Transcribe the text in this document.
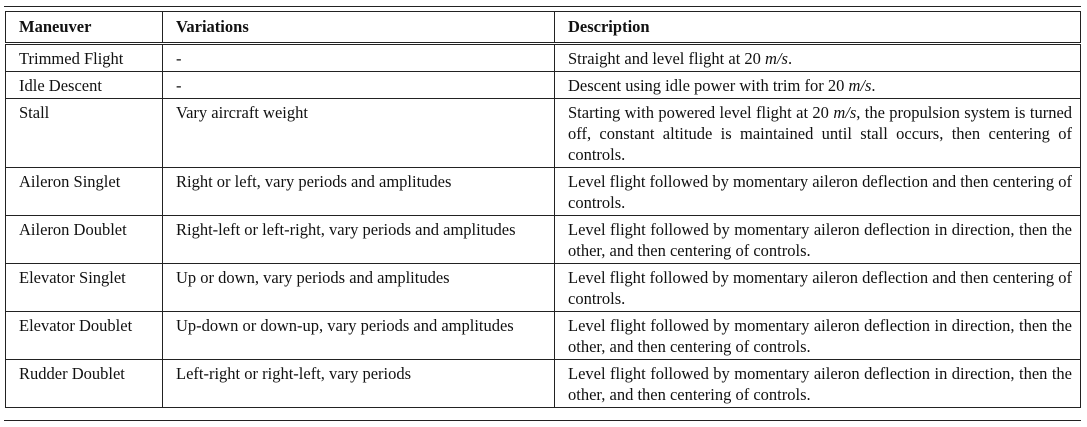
Maneuver	Variations	Description
Trimmed Flight	-	Straight and level flight at 20 m/s.
Idle Descent	-	Descent using idle power with trim for 20 m/s.
Stall	Vary aircraft weight	Starting with powered level flight at 20 m/s, the propulsion system is turned off, constant altitude is maintained until stall occurs, then centering of controls.
Aileron Singlet	Right or left, vary periods and amplitudes	Level flight followed by momentary aileron deflection and then centering of controls.
Aileron Doublet	Right-left or left-right, vary periods and amplitudes	Level flight followed by momentary aileron deflection in direction, then the other, and then centering of controls.
Elevator Singlet	Up or down, vary periods and amplitudes	Level flight followed by momentary aileron deflection and then centering of controls.
Elevator Doublet	Up-down or down-up, vary periods and amplitudes	Level flight followed by momentary aileron deflection in direction, then the other, and then centering of controls.
Rudder Doublet	Left-right or right-left, vary periods	Level flight followed by momentary aileron deflection in direction, then the other, and then centering of controls.
